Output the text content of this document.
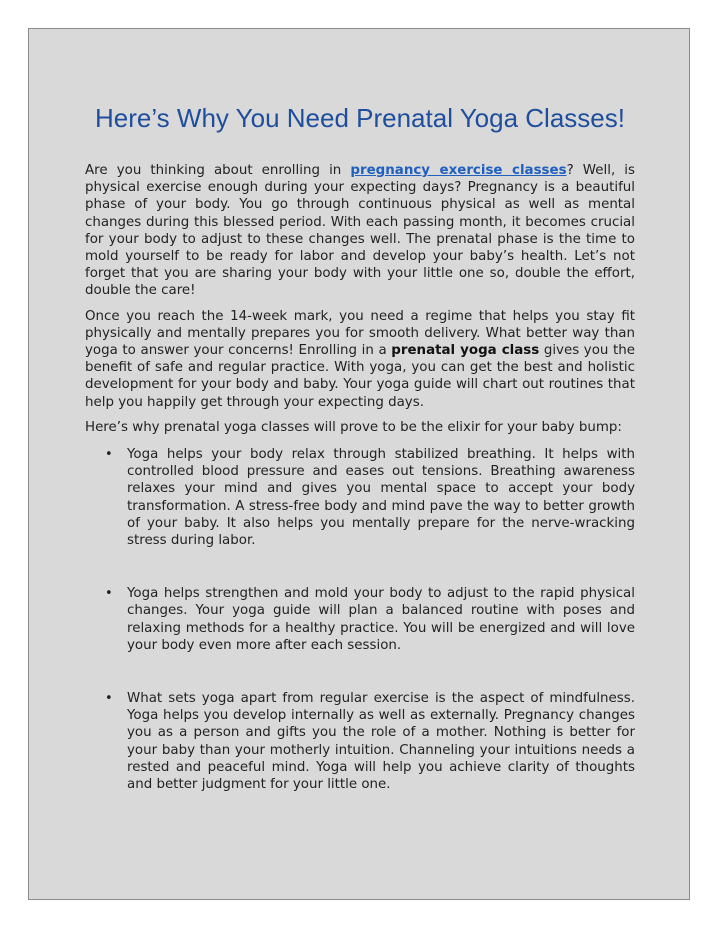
Here’s Why You Need Prenatal Yoga Classes!

Are you thinking about enrolling in pregnancy exercise classes? Well, is physical exercise enough during your expecting days? Pregnancy is a beautiful phase of your body. You go through continuous physical as well as mental changes during this blessed period. With each passing month, it becomes crucial for your body to adjust to these changes well. The prenatal phase is the time to mold yourself to be ready for labor and develop your baby’s health. Let’s not forget that you are sharing your body with your little one so, double the effort, double the care!

Once you reach the 14-week mark, you need a regime that helps you stay fit physically and mentally prepares you for smooth delivery. What better way than yoga to answer your concerns! Enrolling in a prenatal yoga class gives you the benefit of safe and regular practice. With yoga, you can get the best and holistic development for your body and baby. Your yoga guide will chart out routines that help you happily get through your expecting days.

Here’s why prenatal yoga classes will prove to be the elixir for your baby bump:

• Yoga helps your body relax through stabilized breathing. It helps with controlled blood pressure and eases out tensions. Breathing awareness relaxes your mind and gives you mental space to accept your body transformation. A stress-free body and mind pave the way to better growth of your baby. It also helps you mentally prepare for the nerve-wracking stress during labor.
• Yoga helps strengthen and mold your body to adjust to the rapid physical changes. Your yoga guide will plan a balanced routine with poses and relaxing methods for a healthy practice. You will be energized and will love your body even more after each session.
• What sets yoga apart from regular exercise is the aspect of mindfulness. Yoga helps you develop internally as well as externally. Pregnancy changes you as a person and gifts you the role of a mother. Nothing is better for your baby than your motherly intuition. Channeling your intuitions needs a rested and peaceful mind. Yoga will help you achieve clarity of thoughts and better judgment for your little one.
